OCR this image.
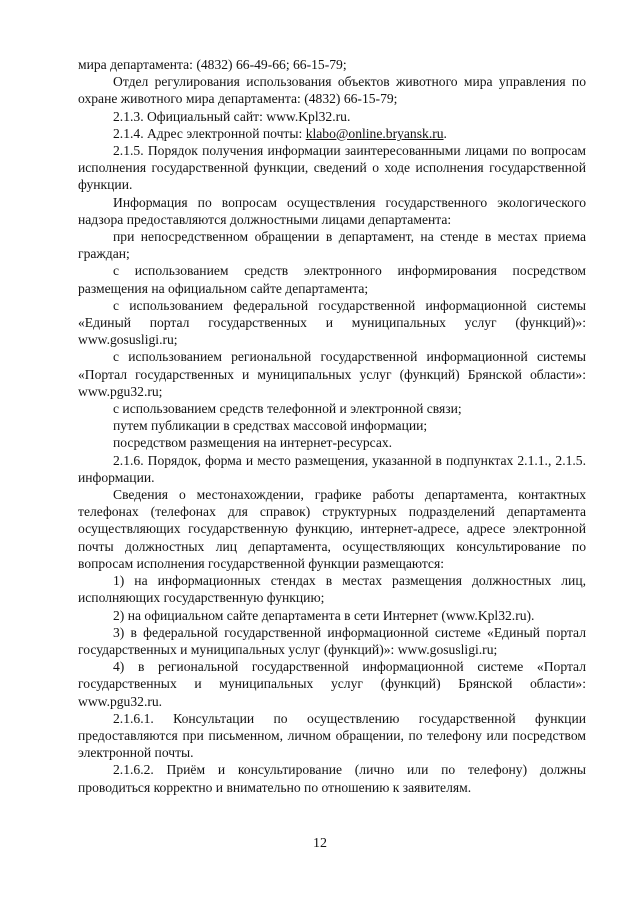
мира департамента: (4832) 66-49-66; 66-15-79;

Отдел регулирования использования объектов животного мира управления по охране животного мира департамента: (4832) 66-15-79;

2.1.3. Официальный сайт: www.Kpl32.ru.

2.1.4. Адрес электронной почты: klabo@online.bryansk.ru.

2.1.5. Порядок получения информации заинтересованными лицами по вопросам исполнения государственной функции, сведений о ходе исполнения государственной функции.

Информация по вопросам осуществления государственного экологического надзора предоставляются должностными лицами департамента:

при непосредственном обращении в департамент, на стенде в местах приема граждан;

с использованием средств электронного информирования посредством размещения на официальном сайте департамента;

с использованием федеральной государственной информационной системы «Единый портал государственных и муниципальных услуг (функций)»: www.gosusligi.ru;

с использованием региональной государственной информационной системы «Портал государственных и муниципальных услуг (функций) Брянской области»: www.pgu32.ru;

с использованием средств телефонной и электронной связи;

путем публикации в средствах массовой информации;

посредством размещения на интернет-ресурсах.

2.1.6. Порядок, форма и место размещения, указанной в подпунктах 2.1.1., 2.1.5. информации.

Сведения о местонахождении, графике работы департамента, контактных телефонах (телефонах для справок) структурных подразделений департамента осуществляющих государственную функцию, интернет-адресе, адресе электронной почты должностных лиц департамента, осуществляющих консультирование по вопросам исполнения государственной функции размещаются:

1) на информационных стендах в местах размещения должностных лиц, исполняющих государственную функцию;

2) на официальном сайте департамента в сети Интернет (www.Kpl32.ru).

3) в федеральной государственной информационной системе «Единый портал государственных и муниципальных услуг (функций)»: www.gosusligi.ru;

4) в региональной государственной информационной системе «Портал государственных и муниципальных услуг (функций) Брянской области»: www.pgu32.ru.

2.1.6.1. Консультации по осуществлению государственной функции предоставляются при письменном, личном обращении, по телефону или посредством электронной почты.

2.1.6.2. Приём и консультирование (лично или по телефону) должны проводиться корректно и внимательно по отношению к заявителям.

12
